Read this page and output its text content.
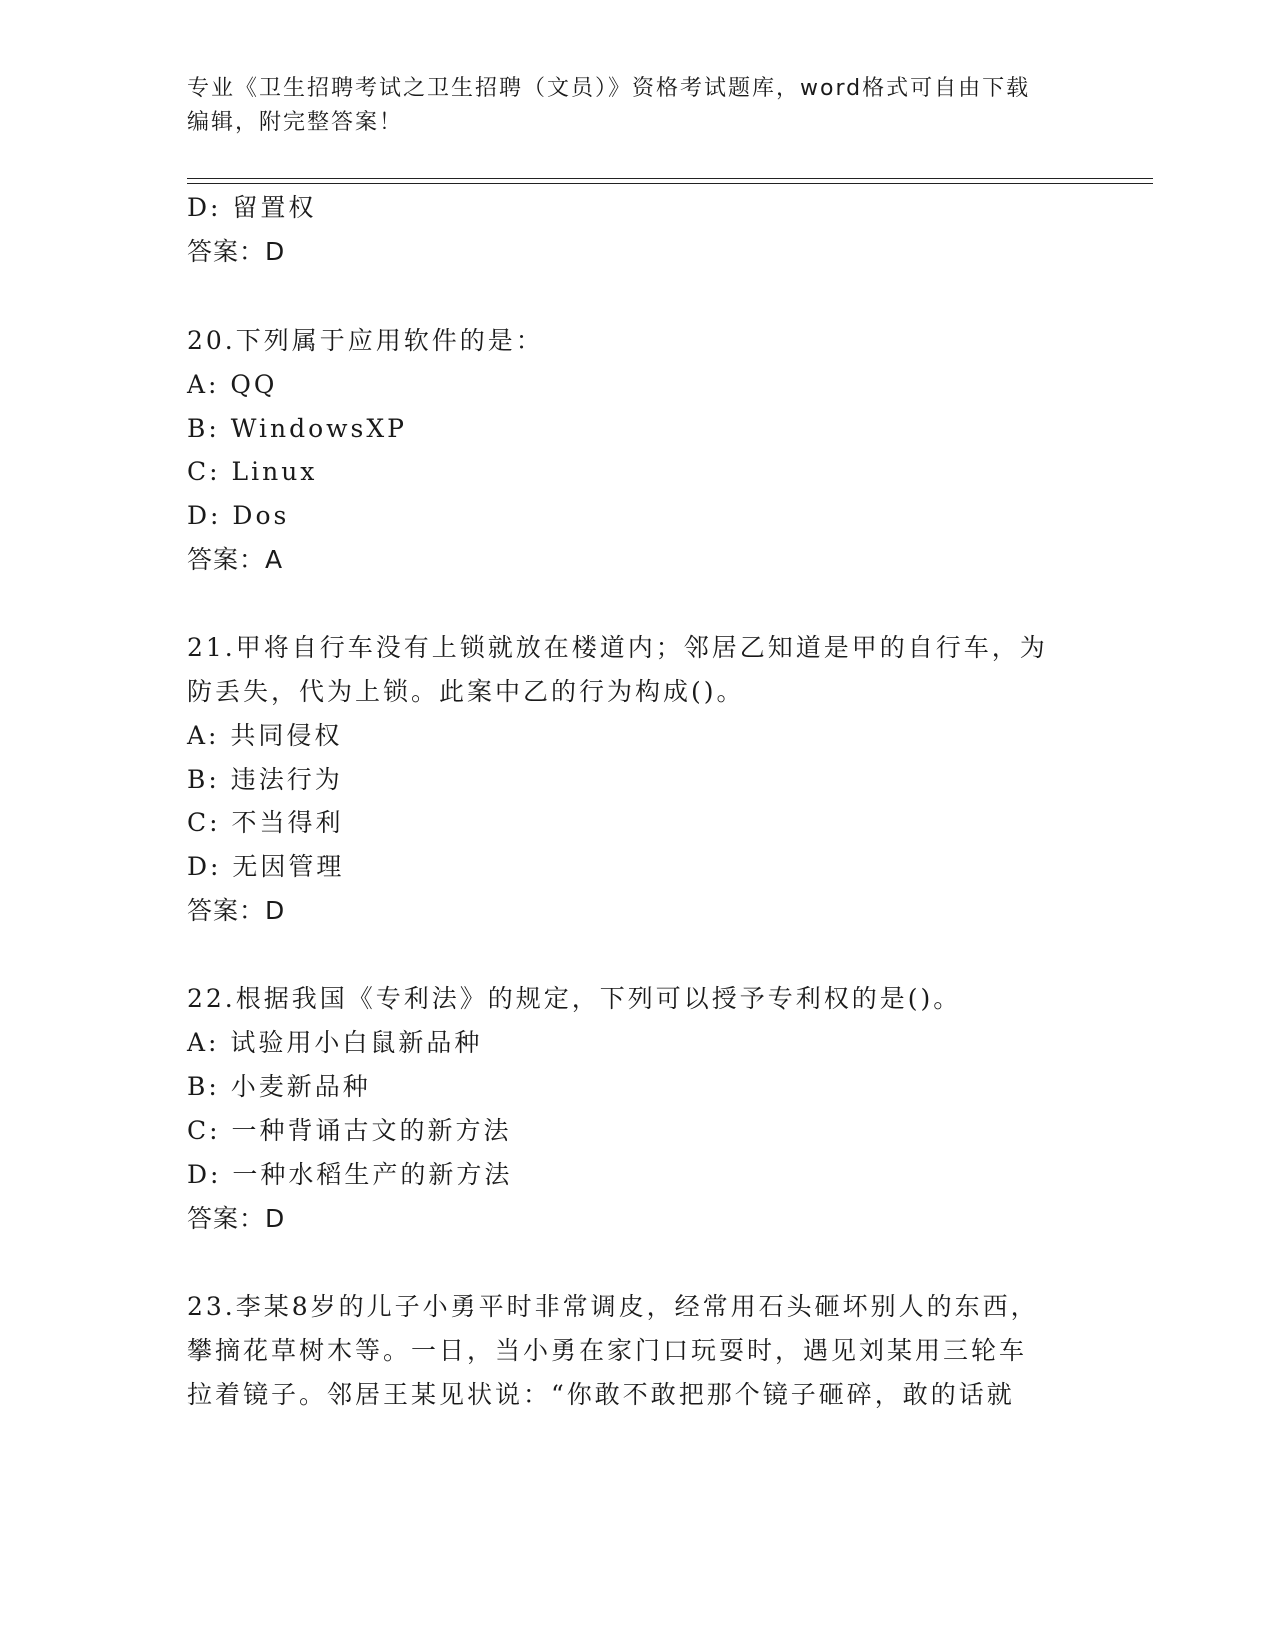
专业《卫生招聘考试之卫生招聘（文员）》资格考试题库，word格式可自由下载
编辑，附完整答案！
D: 留置权
答案：D
20.下列属于应用软件的是：
A: QQ
B: WindowsXP
C: Linux
D: Dos
答案：A
21.甲将自行车没有上锁就放在楼道内；邻居乙知道是甲的自行车，为
防丢失，代为上锁。此案中乙的行为构成()。
A: 共同侵权
B: 违法行为
C: 不当得利
D: 无因管理
答案：D
22.根据我国《专利法》的规定，下列可以授予专利权的是()。
A: 试验用小白鼠新品种
B: 小麦新品种
C: 一种背诵古文的新方法
D: 一种水稻生产的新方法
答案：D
23.李某8岁的儿子小勇平时非常调皮，经常用石头砸坏别人的东西，
攀摘花草树木等。一日，当小勇在家门口玩耍时，遇见刘某用三轮车
拉着镜子。邻居王某见状说：“你敢不敢把那个镜子砸碎，敢的话就
